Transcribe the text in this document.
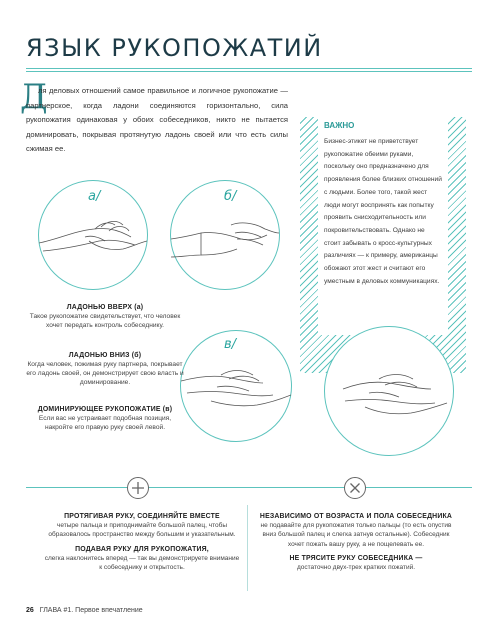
ЯЗЫК РУКОПОЖАТИЙ
Д
ля деловых отношений самое правильное и логичное рукопожатие — партнерское, когда ладони соединяются горизонтально, сила рукопожатия одинаковая у обоих собеседников, никто не пытается доминировать, покрывая протянутую ладонь своей или что есть силы сжимая ее.
ВАЖНО
Бизнес-этикет не приветствует рукопожатие обеими руками, поскольку оно предназначено для проявления более близких отношений с людьми. Более того, такой жест люди могут воспринять как попытку проявить снисходительность или покровительствовать. Однако не стоит забывать о кросс-культурных различиях — к примеру, американцы обожают этот жест и считают его уместным в деловых коммуникациях.
а/	б/
в/
ЛАДОНЬЮ ВВЕРХ (а)
Такое рукопожатие свидетельствует, что человек хочет передать контроль собеседнику.
ЛАДОНЬЮ ВНИЗ (б)
Когда человек, пожимая руку партнера, покрывает его ладонь своей, он демонстрирует свою власть и доминирование.
ДОМИНИРУЮЩЕЕ РУКОПОЖАТИЕ (в)
Если вас не устраивает подобная позиция, накройте его правую руку своей левой.

ПРОТЯГИВАЯ РУКУ, СОЕДИНЯЙТЕ ВМЕСТЕ
четыре пальца и приподнимайте большой палец, чтобы образовалось пространство между большим и указательным.

ПОДАВАЯ РУКУ ДЛЯ РУКОПОЖАТИЯ,
слегка наклонитесь вперед — так вы демонстрируете внимание к собеседнику и открытость.

НЕЗАВИСИМО ОТ ВОЗРАСТА И ПОЛА СОБЕСЕДНИКА не подавайте для рукопожатия только пальцы (то есть опустив вниз большой палец и слегка затнув остальные). Собеседник хочет пожать вашу руку, а не пощелевать ее.

НЕ ТРЯСИТЕ РУКУ СОБЕСЕДНИКА —
достаточно двух-трех кратких пожатий.

26 ГЛАВА #1. Первое впечатление
